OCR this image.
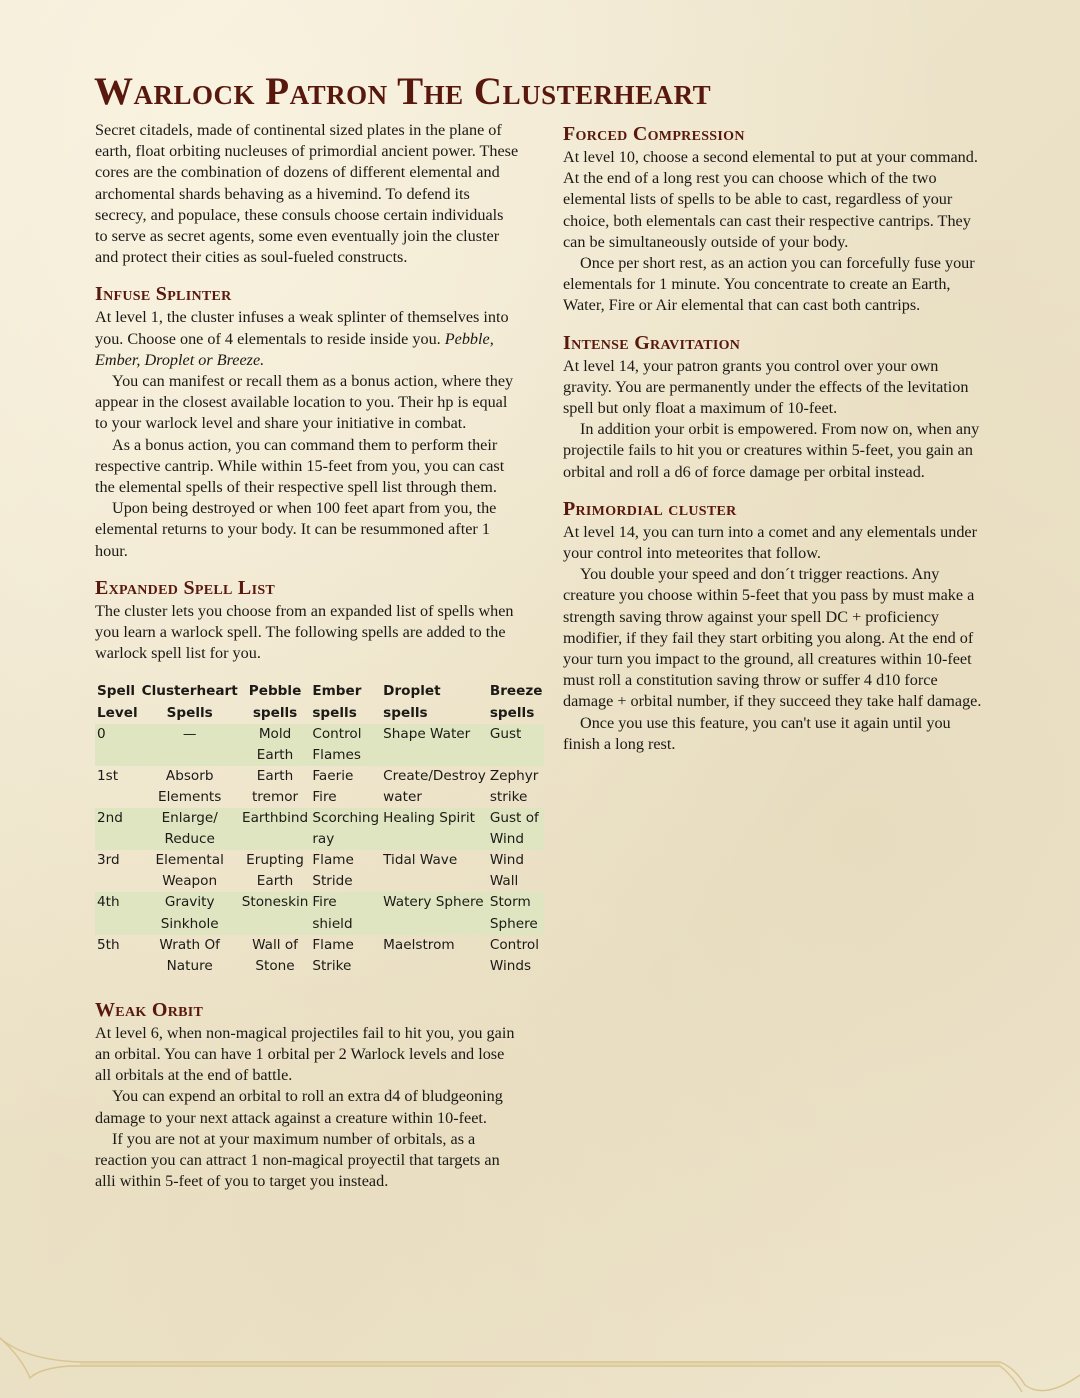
Warlock Patron The Clusterheart

Secret citadels, made of continental sized plates in the plane of earth, float orbiting nucleuses of primordial ancient power. These cores are the combination of dozens of different elemental and archomental shards behaving as a hivemind. To defend its secrecy, and populace, these consuls choose certain individuals to serve as secret agents, some even eventually join the cluster and protect their cities as soul-fueled constructs.

Infuse Splinter

At level 1, the cluster infuses a weak splinter of themselves into you. Choose one of 4 elementals to reside inside you. Pebble, Ember, Droplet or Breeze.

You can manifest or recall them as a bonus action, where they appear in the closest available location to you. Their hp is equal to your warlock level and share your initiative in combat.

As a bonus action, you can command them to perform their respective cantrip. While within 15-feet from you, you can cast the elemental spells of their respective spell list through them.

Upon being destroyed or when 100 feet apart from you, the elemental returns to your body. It can be resummoned after 1 hour.

Expanded Spell List

The cluster lets you choose from an expanded list of spells when you learn a warlock spell. The following spells are added to the warlock spell list for you.

Spell Level	Clusterheart Spells	Pebble spells	Ember spells	Droplet spells	Breeze spells
0	—	Mold Earth	Control Flames	Shape Water	Gust
1st	Absorb Elements	Earth tremor	Faerie Fire	Create/Destroy water	Zephyr strike
2nd	Enlarge/ Reduce	Earthbind	Scorching ray	Healing Spirit	Gust of Wind
3rd	Elemental Weapon	Erupting Earth	Flame Stride	Tidal Wave	Wind Wall
4th	Gravity Sinkhole	Stoneskin	Fire shield	Watery Sphere	Storm Sphere
5th	Wrath Of Nature	Wall of Stone	Flame Strike	Maelstrom	Control Winds
Weak Orbit

At level 6, when non-magical projectiles fail to hit you, you gain an orbital. You can have 1 orbital per 2 Warlock levels and lose all orbitals at the end of battle.

You can expend an orbital to roll an extra d4 of bludgeoning damage to your next attack against a creature within 10-feet.

If you are not at your maximum number of orbitals, as a reaction you can attract 1 non-magical proyectil that targets an alli within 5-feet of you to target you instead.

Forced Compression

At level 10, choose a second elemental to put at your command. At the end of a long rest you can choose which of the two elemental lists of spells to be able to cast, regardless of your choice, both elementals can cast their respective cantrips. They can be simultaneously outside of your body.

Once per short rest, as an action you can forcefully fuse your elementals for 1 minute. You concentrate to create an Earth, Water, Fire or Air elemental that can cast both cantrips.

Intense Gravitation

At level 14, your patron grants you control over your own gravity. You are permanently under the effects of the levitation spell but only float a maximum of 10-feet.

In addition your orbit is empowered. From now on, when any projectile fails to hit you or creatures within 5-feet, you gain an orbital and roll a d6 of force damage per orbital instead.

Primordial cluster

At level 14, you can turn into a comet and any elementals under your control into meteorites that follow.

You double your speed and don´t trigger reactions. Any creature you choose within 5-feet that you pass by must make a strength saving throw against your spell DC + proficiency modifier, if they fail they start orbiting you along. At the end of your turn you impact to the ground, all creatures within 10-feet must roll a constitution saving throw or suffer 4 d10 force damage + orbital number, if they succeed they take half damage.

Once you use this feature, you can't use it again until you finish a long rest.
